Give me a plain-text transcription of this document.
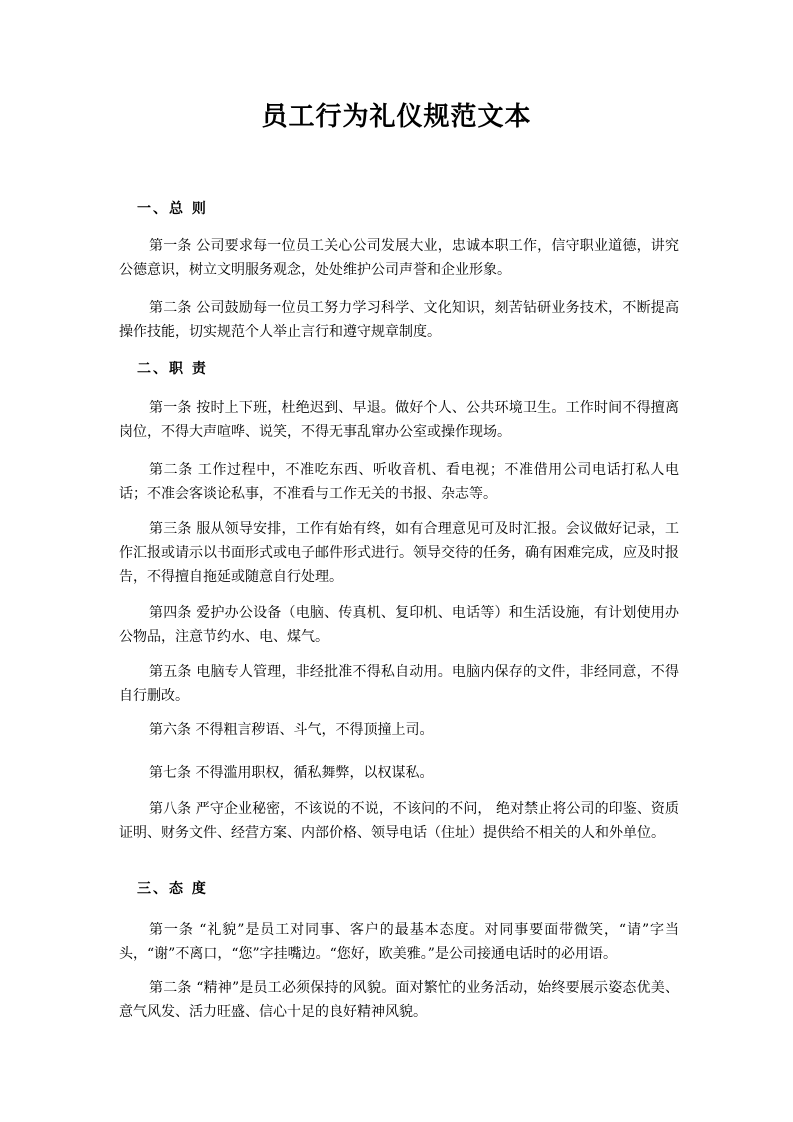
员工行为礼仪规范文本
一、总 则

第一条 公司要求每一位员工关心公司发展大业，忠诚本职工作，信守职业道德，讲究公德意识，树立文明服务观念，处处维护公司声誉和企业形象。

第二条 公司鼓励每一位员工努力学习科学、文化知识，刻苦钻研业务技术，不断提高操作技能，切实规范个人举止言行和遵守规章制度。

二、职 责

第一条 按时上下班，杜绝迟到、早退。做好个人、公共环境卫生。工作时间不得擅离岗位，不得大声喧哗、说笑，不得无事乱窜办公室或操作现场。

第二条 工作过程中，不准吃东西、听收音机、看电视；不准借用公司电话打私人电话；不准会客谈论私事，不准看与工作无关的书报、杂志等。

第三条 服从领导安排，工作有始有终，如有合理意见可及时汇报。会议做好记录，工作汇报或请示以书面形式或电子邮件形式进行。领导交待的任务，确有困难完成，应及时报告，不得擅自拖延或随意自行处理。

第四条 爱护办公设备（电脑、传真机、复印机、电话等）和生活设施，有计划使用办公物品，注意节约水、电、煤气。

第五条 电脑专人管理，非经批准不得私自动用。电脑内保存的文件，非经同意，不得自行删改。

第六条 不得粗言秽语、斗气，不得顶撞上司。

第七条 不得滥用职权，循私舞弊，以权谋私。

第八条 严守企业秘密，不该说的不说，不该问的不问， 绝对禁止将公司的印鉴、资质证明、财务文件、经营方案、内部价格、领导电话（住址）提供给不相关的人和外单位。

三、态 度

第一条 “礼貌”是员工对同事、客户的最基本态度。对同事要面带微笑，“请”字当头，“谢”不离口，“您”字挂嘴边。“您好，欧美雅。”是公司接通电话时的必用语。

第二条 “精神”是员工必须保持的风貌。面对繁忙的业务活动，始终要展示姿态优美、意气风发、活力旺盛、信心十足的良好精神风貌。
